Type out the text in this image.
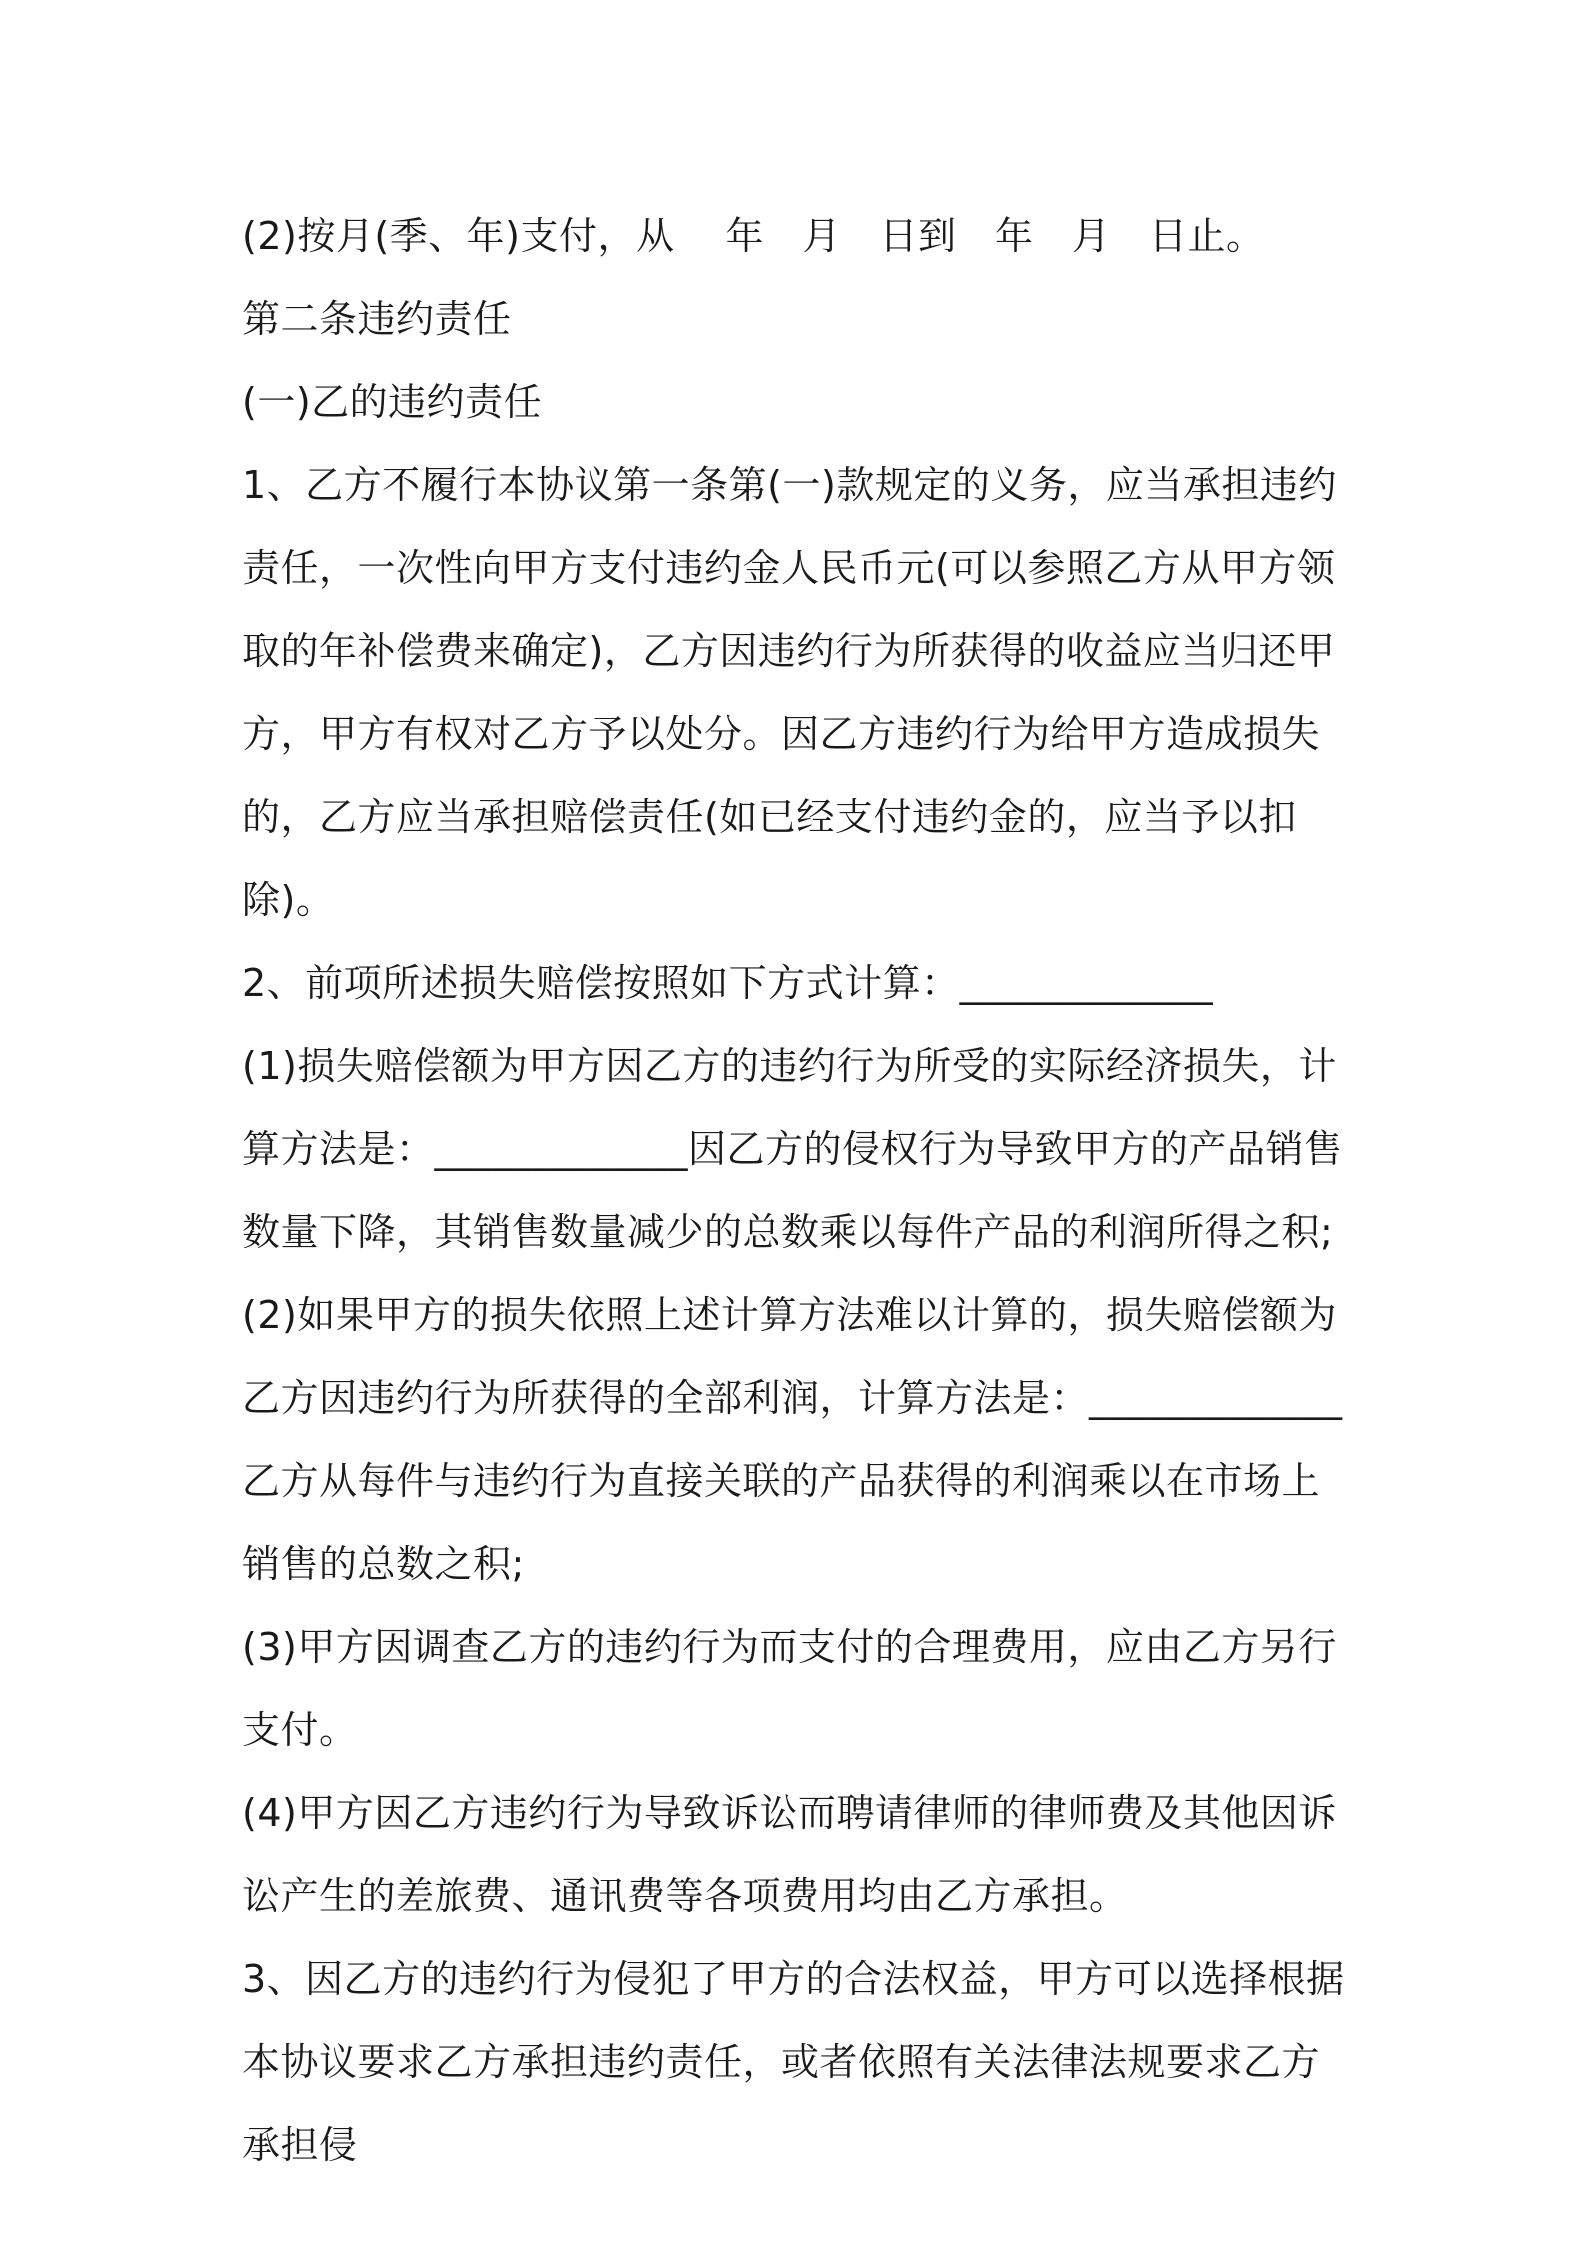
(2)按月(季、年)支付，从　 年　月　日到　年　月　日止。

第二条违约责任

(一)乙的违约责任

1、乙方不履行本协议第一条第(一)款规定的义务，应当承担违约责任，一次性向甲方支付违约金人民币元(可以参照乙方从甲方领取的年补偿费来确定)，乙方因违约行为所获得的收益应当归还甲方，甲方有权对乙方予以处分。因乙方违约行为给甲方造成损失的，乙方应当承担赔偿责任(如已经支付违约金的，应当予以扣除)。

2、前项所述损失赔偿按照如下方式计算：_____________

(1)损失赔偿额为甲方因乙方的违约行为所受的实际经济损失，计算方法是：_____________因乙方的侵权行为导致甲方的产品销售数量下降，其销售数量减少的总数乘以每件产品的利润所得之积;

(2)如果甲方的损失依照上述计算方法难以计算的，损失赔偿额为乙方因违约行为所获得的全部利润，计算方法是：_____________乙方从每件与违约行为直接关联的产品获得的利润乘以在市场上销售的总数之积;

(3)甲方因调查乙方的违约行为而支付的合理费用，应由乙方另行支付。

(4)甲方因乙方违约行为导致诉讼而聘请律师的律师费及其他因诉讼产生的差旅费、通讯费等各项费用均由乙方承担。

3、因乙方的违约行为侵犯了甲方的合法权益，甲方可以选择根据本协议要求乙方承担违约责任，或者依照有关法律法规要求乙方承担侵
